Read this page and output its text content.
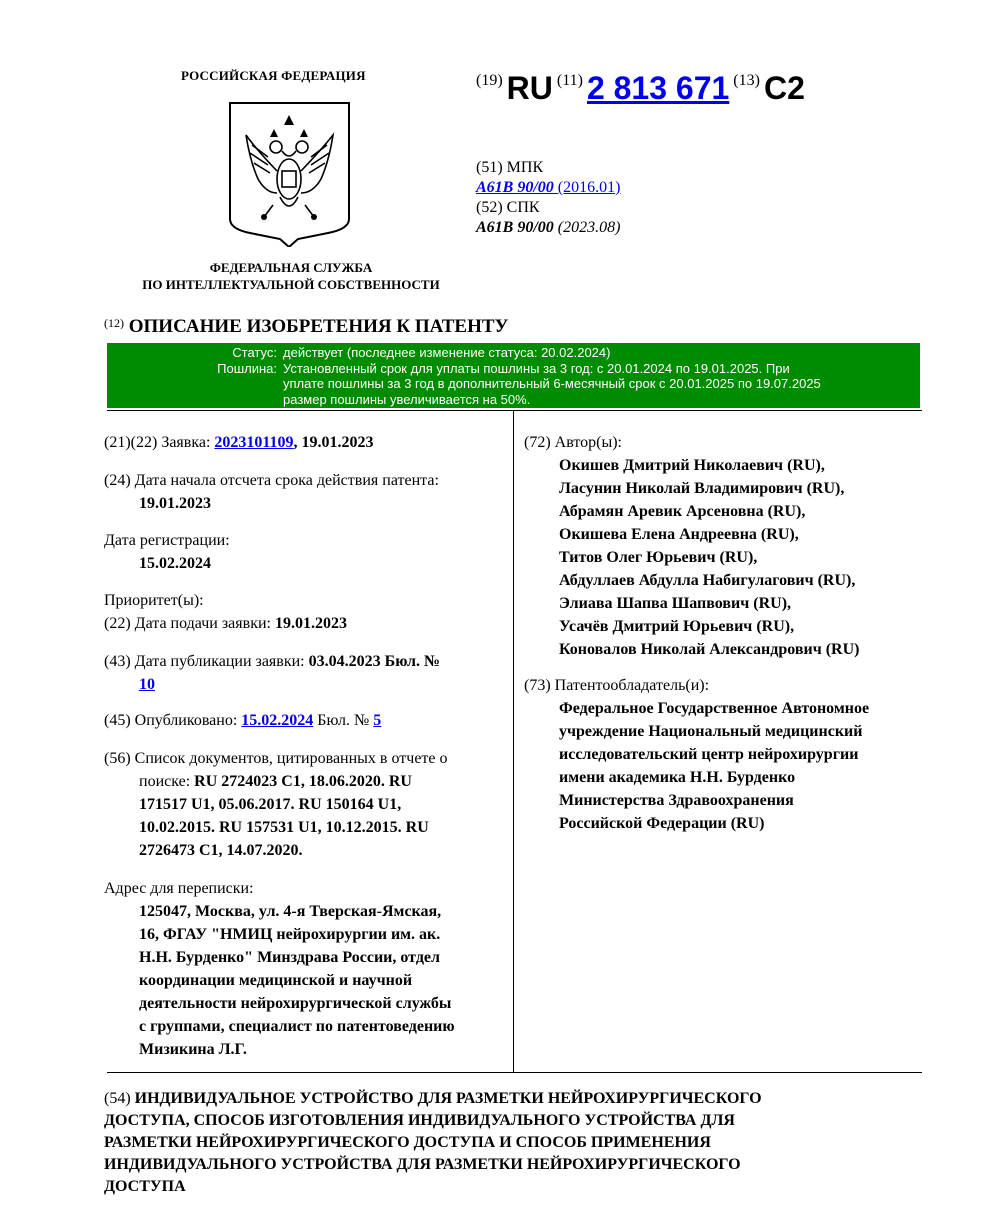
РОССИЙСКАЯ ФЕДЕРАЦИЯ
ФЕДЕРАЛЬНАЯ СЛУЖБА
ПО ИНТЕЛЛЕКТУАЛЬНОЙ СОБСТВЕННОСТИ
(19) RU (11) 2 813 671 (13) C2
(51) МПК
A61B 90/00 (2016.01)
(52) СПК
A61B 90/00 (2023.08)
$^{(12)}$ ОПИСАНИЕ ИЗОБРЕТЕНИЯ К ПАТЕНТУ
Статус: действует (последнее изменение статуса: 20.02.2024)
Пошлина: Установленный срок для уплаты пошлины за 3 год: с 20.01.2024 по 19.01.2025. При
уплате пошлины за 3 год в дополнительный 6-месячный срок с 20.01.2025 по 19.07.2025
размер пошлины увеличивается на 50%.
(21)(22) Заявка: 2023101109, 19.01.2023
(24) Дата начала отсчета срока действия патента:
19.01.2023
Дата регистрации:
15.02.2024
Приоритет(ы):
(22) Дата подачи заявки: 19.01.2023
(43) Дата публикации заявки: 03.04.2023 Бюл. №
10
(45) Опубликовано: 15.02.2024 Бюл. № 5
(56) Список документов, цитированных в отчете о
поиске: RU 2724023 C1, 18.06.2020. RU
171517 U1, 05.06.2017. RU 150164 U1,
10.02.2015. RU 157531 U1, 10.12.2015. RU
2726473 C1, 14.07.2020.
Адрес для переписки:
125047, Москва, ул. 4-я Тверская-Ямская,
16, ФГАУ "НМИЦ нейрохирургии им. ак.
Н.Н. Бурденко" Минздрава России, отдел
координации медицинской и научной
деятельности нейрохирургической службы
с группами, специалист по патентоведению
Мизикина Л.Г.
(72) Автор(ы):
Окишев Дмитрий Николаевич (RU),
Ласунин Николай Владимирович (RU),
Абрамян Аревик Арсеновна (RU),
Окишева Елена Андреевна (RU),
Титов Олег Юрьевич (RU),
Абдуллаев Абдулла Набигулагович (RU),
Элиава Шапва Шапвович (RU),
Усачёв Дмитрий Юрьевич (RU),
Коновалов Николай Александрович (RU)
(73) Патентообладатель(и):
Федеральное Государственное Автономное
учреждение Национальный медицинский
исследовательский центр нейрохирургии
имени академика Н.Н. Бурденко
Министерства Здравоохранения
Российской Федерации (RU)
(54) ИНДИВИДУАЛЬНОЕ УСТРОЙСТВО ДЛЯ РАЗМЕТКИ НЕЙРОХИРУРГИЧЕСКОГО
ДОСТУПА, СПОСОБ ИЗГОТОВЛЕНИЯ ИНДИВИДУАЛЬНОГО УСТРОЙСТВА ДЛЯ
РАЗМЕТКИ НЕЙРОХИРУРГИЧЕСКОГО ДОСТУПА И СПОСОБ ПРИМЕНЕНИЯ
ИНДИВИДУАЛЬНОГО УСТРОЙСТВА ДЛЯ РАЗМЕТКИ НЕЙРОХИРУРГИЧЕСКОГО
ДОСТУПА
